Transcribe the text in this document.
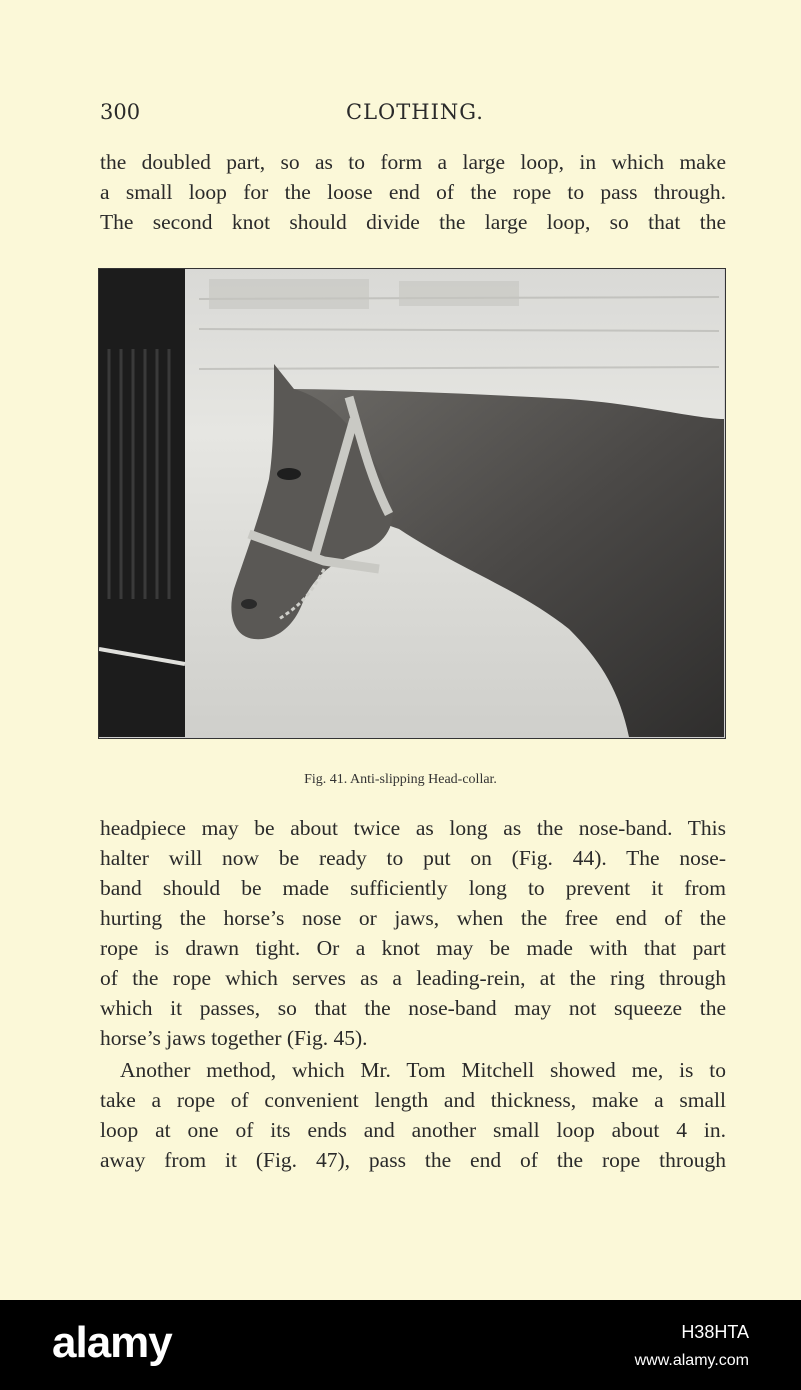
300	CLOTHING.

the doubled part, so as to form a large loop, in which make
a small loop for the loose end of the rope to pass through.
The second knot should divide the large loop, so that the

Fig. 41. Anti-slipping Head-collar.

headpiece may be about twice as long as the nose-band. This
halter will now be ready to put on (Fig. 44). The nose-
band should be made sufficiently long to prevent it from
hurting the horse’s nose or jaws, when the free end of the
rope is drawn tight. Or a knot may be made with that part
of the rope which serves as a leading-rein, at the ring through
which it passes, so that the nose-band may not squeeze the
horse’s jaws together (Fig. 45).

Another method, which Mr. Tom Mitchell showed me, is to
take a rope of convenient length and thickness, make a small
loop at one of its ends and another small loop about 4 in.
away from it (Fig. 47), pass the end of the rope through

alamy	H38HTA
www.alamy.com
